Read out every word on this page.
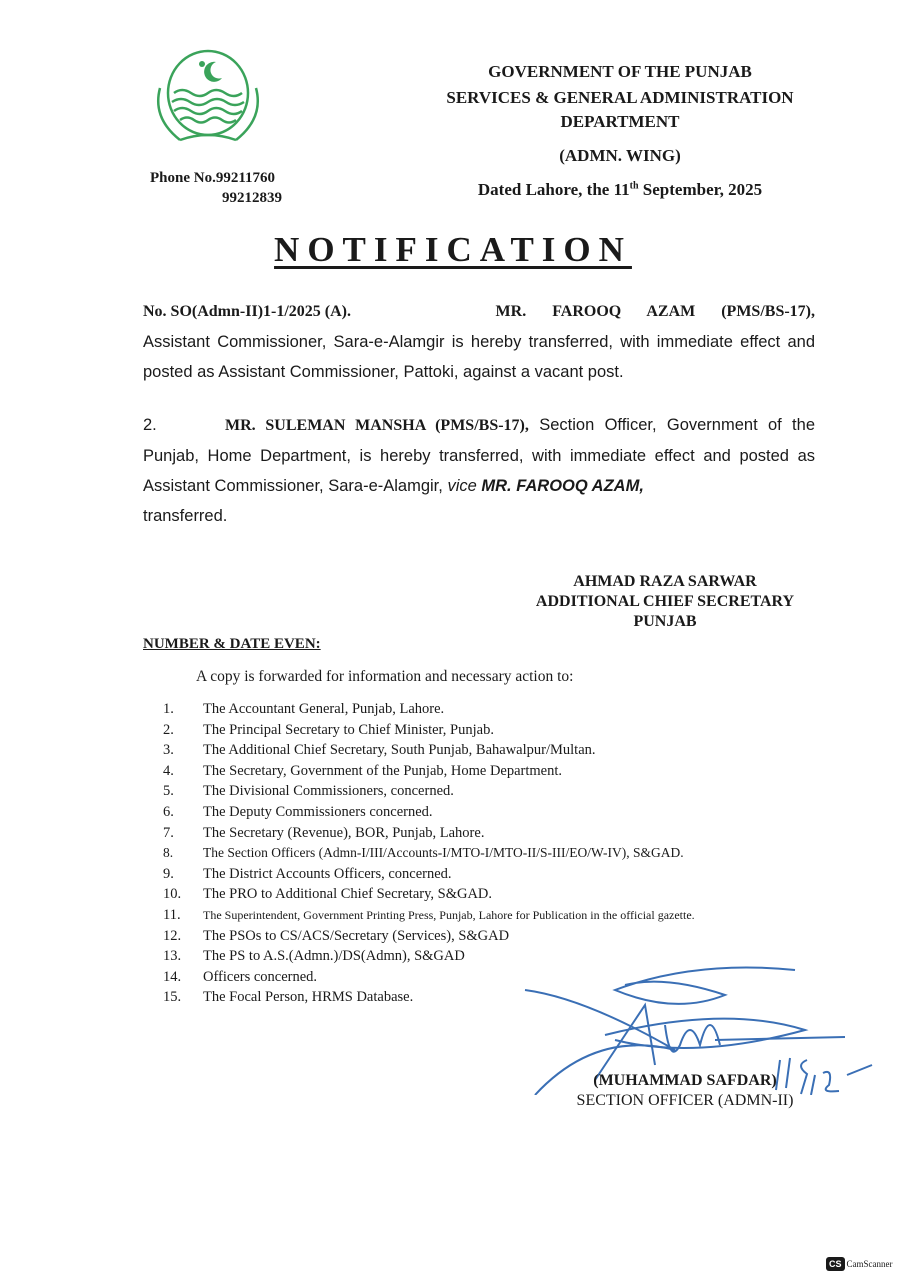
GOVERNMENT OF THE PUNJAB
SERVICES & GENERAL ADMINISTRATION
DEPARTMENT
(ADMN. WING)
Dated Lahore, the 11th September, 2025
Phone No.99211760
99212839
NOTIFICATION
No. SO(Admn-II)1-1/2025 (A).	MR. FAROOQ AZAM (PMS/BS-17),
Assistant Commissioner, Sara-e-Alamgir is hereby transferred, with immediate effect and posted as Assistant Commissioner, Pattoki, against a vacant post.
2.	MR. SULEMAN MANSHA (PMS/BS-17), Section Officer, Government of the Punjab, Home Department, is hereby transferred, with immediate effect and posted as Assistant Commissioner, Sara-e-Alamgir, vice MR. FAROOQ AZAM,
transferred.
AHMAD RAZA SARWAR
ADDITIONAL CHIEF SECRETARY
PUNJAB
NUMBER & DATE EVEN:
A copy is forwarded for information and necessary action to:
1. The Accountant General, Punjab, Lahore.
2. The Principal Secretary to Chief Minister, Punjab.
3. The Additional Chief Secretary, South Punjab, Bahawalpur/Multan.
4. The Secretary, Government of the Punjab, Home Department.
5. The Divisional Commissioners, concerned.
6. The Deputy Commissioners concerned.
7. The Secretary (Revenue), BOR, Punjab, Lahore.
8. The Section Officers (Admn-I/III/Accounts-I/MTO-I/MTO-II/S-III/EO/W-IV), S&GAD.
9. The District Accounts Officers, concerned.
10. The PRO to Additional Chief Secretary, S&GAD.
11. The Superintendent, Government Printing Press, Punjab, Lahore for Publication in the official gazette.
12. The PSOs to CS/ACS/Secretary (Services), S&GAD
13. The PS to A.S.(Admn.)/DS(Admn), S&GAD
14. Officers concerned.
15. The Focal Person, HRMS Database.
(MUHAMMAD SAFDAR)
SECTION OFFICER (ADMN-II)
CS CamScanner
